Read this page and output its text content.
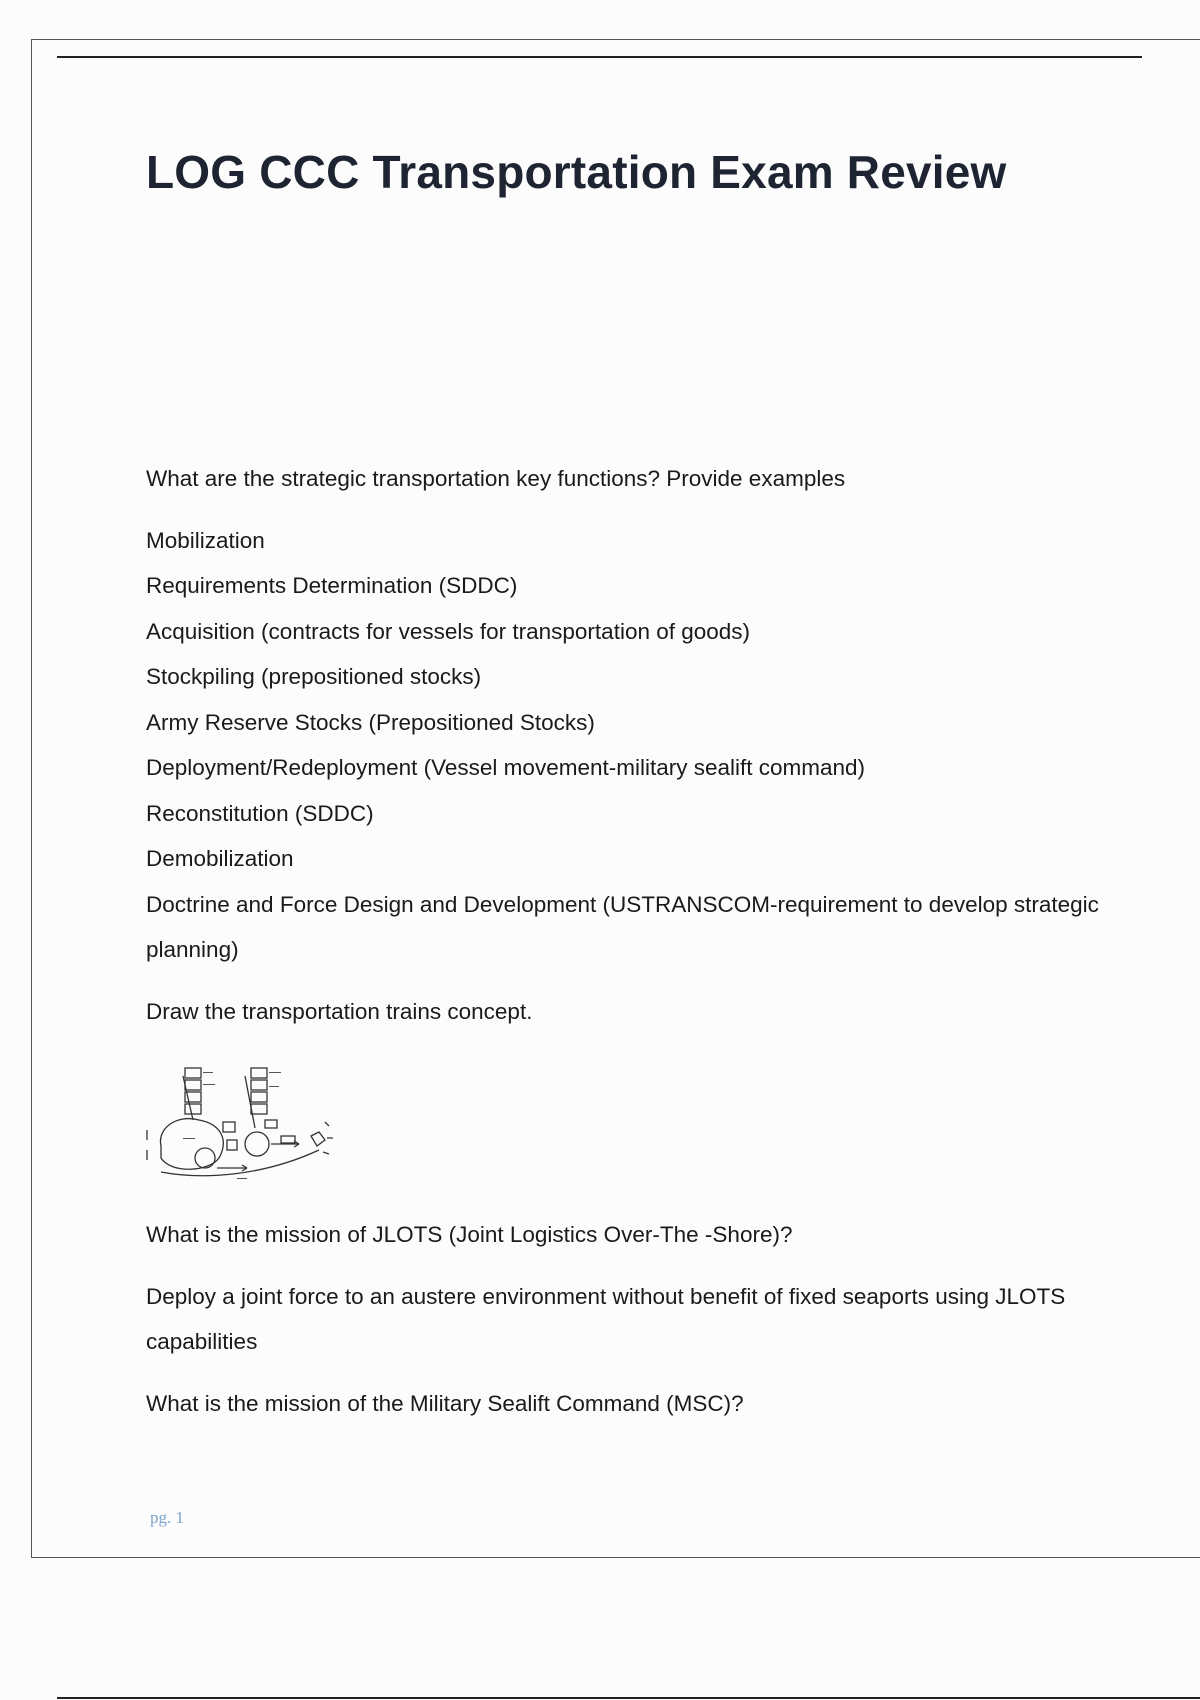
LOG CCC Transportation Exam Review

What are the strategic transportation key functions? Provide examples

Mobilization
Requirements Determination (SDDC)
Acquisition (contracts for vessels for transportation of goods)
Stockpiling (prepositioned stocks)
Army Reserve Stocks (Prepositioned Stocks)
Deployment/Redeployment (Vessel movement-military sealift command)
Reconstitution (SDDC)
Demobilization
Doctrine and Force Design and Development (USTRANSCOM-requirement to develop strategic planning)

Draw the transportation trains concept.

What is the mission of JLOTS (Joint Logistics Over-The -Shore)?

Deploy a joint force to an austere environment without benefit of fixed seaports using JLOTS capabilities

What is the mission of the Military Sealift Command (MSC)?

pg. 1
